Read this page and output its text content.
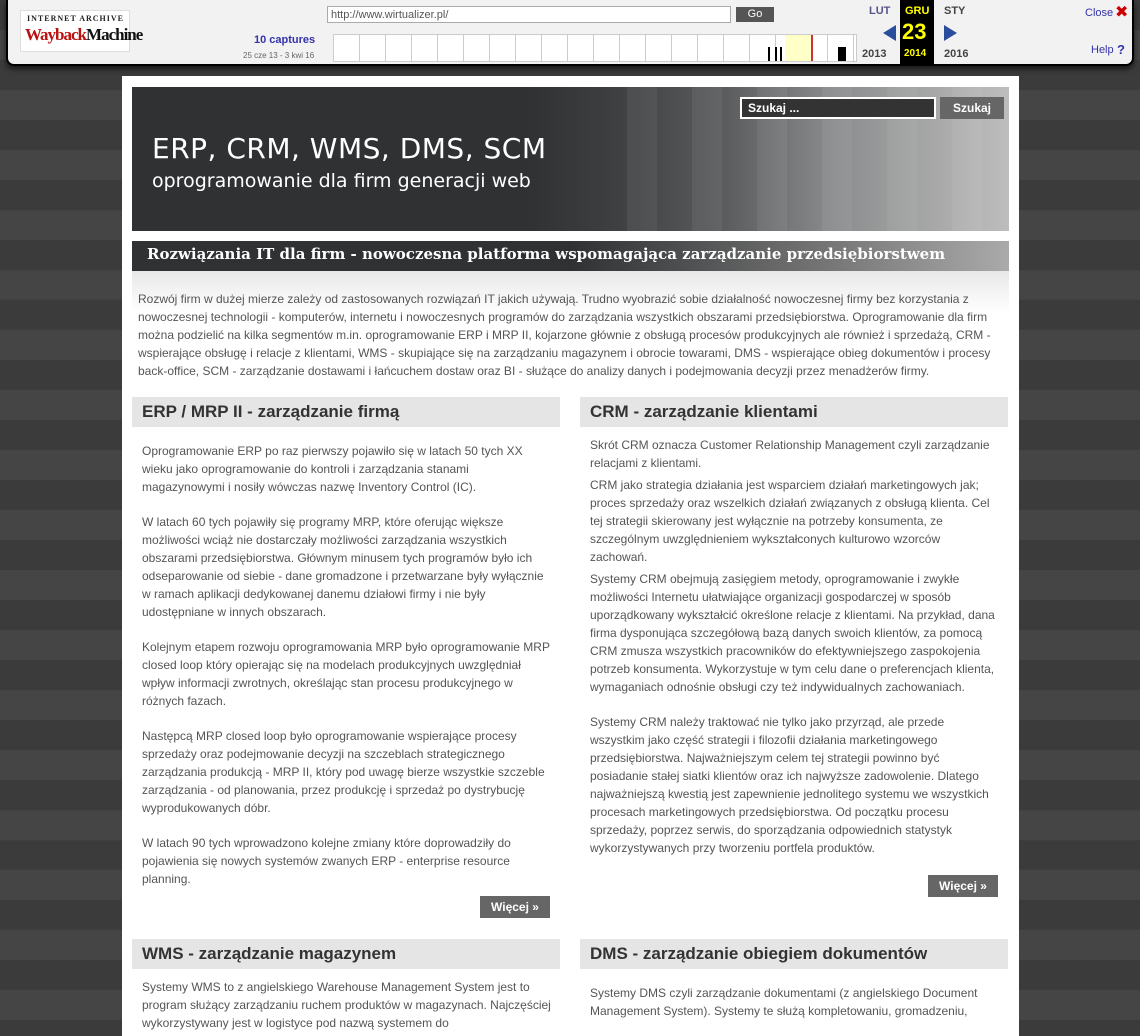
INTERNET ARCHIVE
WaybackMachine
http://www.wirtualizer.pl/
Go
10 captures
25 cze 13 - 3 kwi 16
LUT GRU STY
23
2013 2014 2016
Close ✖
Help ?
ERP, CRM, WMS, DMS, SCM
oprogramowanie dla firm generacji web
Szukaj ...
Szukaj
Rozwiązania IT dla firm - nowoczesna platforma wspomagająca zarządzanie przedsiębiorstwem
Rozwój firm w dużej mierze zależy od zastosowanych rozwiązań IT jakich używają. Trudno wyobrazić sobie działalność nowoczesnej firmy bez korzystania z nowoczesnej technologii - komputerów, internetu i nowoczesnych programów do zarządzania wszystkich obszarami przedsiębiorstwa. Oprogramowanie dla firm można podzielić na kilka segmentów m.in. oprogramowanie ERP i MRP II, kojarzone głównie z obsługą procesów produkcyjnych ale również i sprzedażą, CRM - wspierające obsługę i relacje z klientami, WMS - skupiające się na zarządzaniu magazynem i obrocie towarami, DMS - wspierające obieg dokumentów i procesy back-office, SCM - zarządzanie dostawami i łańcuchem dostaw oraz BI - służące do analizy danych i podejmowania decyzji przez menadżerów firmy.
ERP / MRP II - zarządzanie firmą

Oprogramowanie ERP po raz pierwszy pojawiło się w latach 50 tych XX wieku jako oprogramowanie do kontroli i zarządzania stanami magazynowymi i nosiły wówczas nazwę Inventory Control (IC).

W latach 60 tych pojawiły się programy MRP, które oferując większe możliwości wciąż nie dostarczały możliwości zarządzania wszystkich obszarami przedsiębiorstwa. Głównym minusem tych programów było ich odseparowanie od siebie - dane gromadzone i przetwarzane były wyłącznie w ramach aplikacji dedykowanej danemu działowi firmy i nie były udostępniane w innych obszarach.

Kolejnym etapem rozwoju oprogramowania MRP było oprogramowanie MRP closed loop który opierając się na modelach produkcyjnych uwzględniał wpływ informacji zwrotnych, określając stan procesu produkcyjnego w różnych fazach.

Następcą MRP closed loop było oprogramowanie wspierające procesy sprzedaży oraz podejmowanie decyzji na szczeblach strategicznego zarządzania produkcją - MRP II, który pod uwagę bierze wszystkie szczeble zarządzania - od planowania, przez produkcję i sprzedaż po dystrybucję wyprodukowanych dóbr.

W latach 90 tych wprowadzono kolejne zmiany które doprowadziły do pojawienia się nowych systemów zwanych ERP - enterprise resource planning.

Więcej »
CRM - zarządzanie klientami

Skrót CRM oznacza Customer Relationship Management czyli zarządzanie relacjami z klientami.

CRM jako strategia działania jest wsparciem działań marketingowych jak; proces sprzedaży oraz wszelkich działań związanych z obsługą klienta. Cel tej strategii skierowany jest wyłącznie na potrzeby konsumenta, ze szczególnym uwzględnieniem wykształconych kulturowo wzorców zachowań.

Systemy CRM obejmują zasięgiem metody, oprogramowanie i zwykłe możliwości Internetu ułatwiające organizacji gospodarczej w sposób uporządkowany wykształcić określone relacje z klientami. Na przykład, dana firma dysponująca szczegółową bazą danych swoich klientów, za pomocą CRM zmusza wszystkich pracowników do efektywniejszego zaspokojenia potrzeb konsumenta. Wykorzystuje w tym celu dane o preferencjach klienta, wymaganiach odnośnie obsługi czy też indywidualnych zachowaniach.

Systemy CRM należy traktować nie tylko jako przyrząd, ale przede wszystkim jako część strategii i filozofii działania marketingowego przedsiębiorstwa. Najważniejszym celem tej strategii powinno być posiadanie stałej siatki klientów oraz ich najwyższe zadowolenie. Dlatego najważniejszą kwestią jest zapewnienie jednolitego systemu we wszystkich procesach marketingowych przedsiębiorstwa. Od początku procesu sprzedaży, poprzez serwis, do sporządzania odpowiednich statystyk wykorzystywanych przy tworzeniu portfela produktów.

Więcej »
WMS - zarządzanie magazynem

Systemy WMS to z angielskiego Warehouse Management System jest to program służący zarządzaniu ruchem produktów w magazynach. Najczęściej wykorzystywany jest w logistyce pod nazwą systemem do

DMS - zarządzanie obiegiem dokumentów

Systemy DMS czyli zarządzanie dokumentami (z angielskiego Document Management System). Systemy te służą kompletowaniu, gromadzeniu,
